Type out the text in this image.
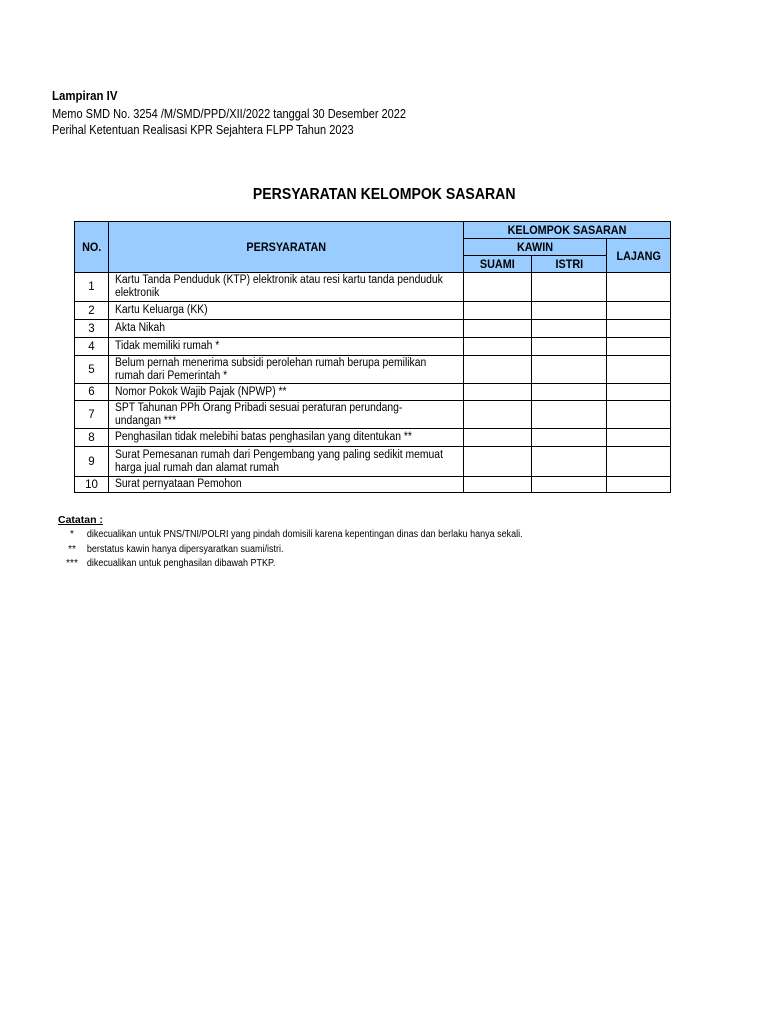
Lampiran IV
Memo SMD No. 3254 /M/SMD/PPD/XII/2022 tanggal 30 Desember 2022
Perihal Ketentuan Realisasi KPR Sejahtera FLPP Tahun 2023
PERSYARATAN KELOMPOK SASARAN
NO.	PERSYARATAN	KELOMPOK SASARAN		
		KAWIN		LAJANG
		SUAMI	ISTRI	
1	Kartu Tanda Penduduk (KTP) elektronik atau resi kartu tanda penduduk elektronik			
2	Kartu Keluarga (KK)			
3	Akta Nikah			
4	Tidak memiliki rumah *			
5	Belum pernah menerima subsidi perolehan rumah berupa pemilikan rumah dari Pemerintah *			
6	Nomor Pokok Wajib Pajak (NPWP) **			
7	SPT Tahunan PPh Orang Pribadi sesuai peraturan perundang-undangan ***			
8	Penghasilan tidak melebihi batas penghasilan yang ditentukan **			
9	Surat Pemesanan rumah dari Pengembang yang paling sedikit memuat harga jual rumah dan alamat rumah			
10	Surat pernyataan Pemohon			
Catatan :
*	dikecualikan untuk PNS/TNI/POLRI yang pindah domisili karena kepentingan dinas dan berlaku hanya sekali.
**	berstatus kawin hanya dipersyaratkan suami/istri.
*** dikecualikan untuk penghasilan dibawah PTKP.
